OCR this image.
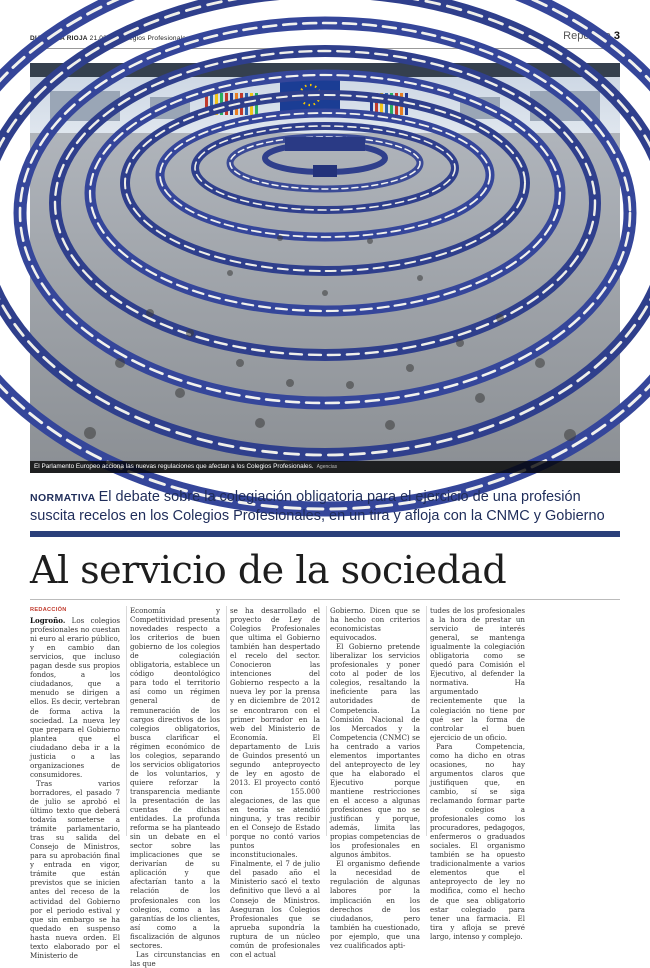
DIARIO LA RIOJA 21.03.15 Colegios Profesionales	Reportaje 3
El Parlamento Europeo acciona las nuevas regulaciones que afectan a los Colegios Profesionales. Agencias
NORMATIVA El debate sobre la colegiación obligatoria para el ejercicio de una profesión suscita recelos en los Colegios Profesionales, en un tira y afloja con la CNMC y Gobierno
Al servicio de la sociedad
REDACCIÓN

Logroño. Los colegios profesionales no cuestan ni euro al erario público, y en cambio dan servicios, que incluso pagan desde sus propios fondos, a los ciudadanos, que a menudo se dirigen a ellos. Es decir, vertebran de forma activa la sociedad. La nueva ley que prepara el Gobierno plantea que el ciudadano deba ir a la justicia o a las organizaciones de consumidores.

Tras varios borradores, el pasado 7 de julio se aprobó el último texto que deberá todavía someterse a trámite parlamentario, tras su salida del Consejo de Ministros, para su aprobación final y entrada en vigor, trámite que están previstos que se inicien antes del receso de la actividad del Gobierno por el periodo estival y que sin embargo se ha quedado en suspenso hasta nueva orden. El texto elaborado por el Ministerio de

Economía y Competitividad presenta novedades respecto a los criterios de buen gobierno de los colegios de colegiación obligatoria, establece un código deontológico para todo el territorio así como un régimen general de remuneración de los cargos directivos de los colegios obligatorios, busca clarificar el régimen económico de los colegios, separando los servicios obligatorios de los voluntarios, y quiere reforzar la transparencia mediante la presentación de las cuentas de dichas entidades. La profunda reforma se ha planteado sin un debate en el sector sobre las implicaciones que se derivarían de su aplicación y que afectarían tanto a la relación de los profesionales con los colegios, como a las garantías de los clientes, así como a la fiscalización de algunos sectores.

Las circunstancias en las que

se ha desarrollado el proyecto de Ley de Colegios Profesionales que ultima el Gobierno también han despertado el recelo del sector. Conocieron las intenciones del Gobierno respecto a la nueva ley por la prensa y en diciembre de 2012 se encontraron con el primer borrador en la web del Ministerio de Economía. El departamento de Luis de Guindos presentó un segundo anteproyecto de ley en agosto de 2013. El proyecto contó con 155.000 alegaciones, de las que en teoría se atendió ninguna, y tras recibir en el Consejo de Estado porque no contó varios puntos inconstitucionales. Finalmente, el 7 de julio del pasado año el Ministerio sacó el texto definitivo que llevó a al Consejo de Ministros. Aseguran los Colegios Profesionales que se aprueba supondría la ruptura de un núcleo común de profesionales con el actual

Gobierno. Dicen que se ha hecho con criterios economicistas equivocados.

El Gobierno pretende liberalizar los servicios profesionales y poner coto al poder de los colegios, resaltando la ineficiente para las autoridades de Competencia. La Comisión Nacional de los Mercados y la Competencia (CNMC) se ha centrado a varios elementos importantes del anteproyecto de ley que ha elaborado el Ejecutivo porque mantiene restricciones en el acceso a algunas profesiones que no se justifican y porque, además, limita las propias competencias de los profesionales en algunos ámbitos.

El organismo defiende la necesidad de regulación de algunas labores por la implicación en los derechos de los ciudadanos, pero también ha cuestionado, por ejemplo, que una vez cualificados apti-

tudes de los profesionales a la hora de prestar un servicio de interés general, se mantenga igualmente la colegiación obligatoria como se quedó para Comisión el Ejecutivo, al defender la normativa. Ha argumentado recientemente que la colegiación no tiene por qué ser la forma de controlar el buen ejercicio de un oficio.

Para Competencia, como ha dicho en otras ocasiones, no hay argumentos claros que justifiquen que, en cambio, sí se siga reclamando formar parte de colegios a profesionales como los procuradores, pedagogos, enfermeros o graduados sociales. El organismo también se ha opuesto tradicionalmente a varios elementos que el anteproyecto de ley no modifica, como el hecho de que sea obligatorio estar colegiado para tener una farmacia. El tira y afloja se prevé largo, intenso y complejo.
